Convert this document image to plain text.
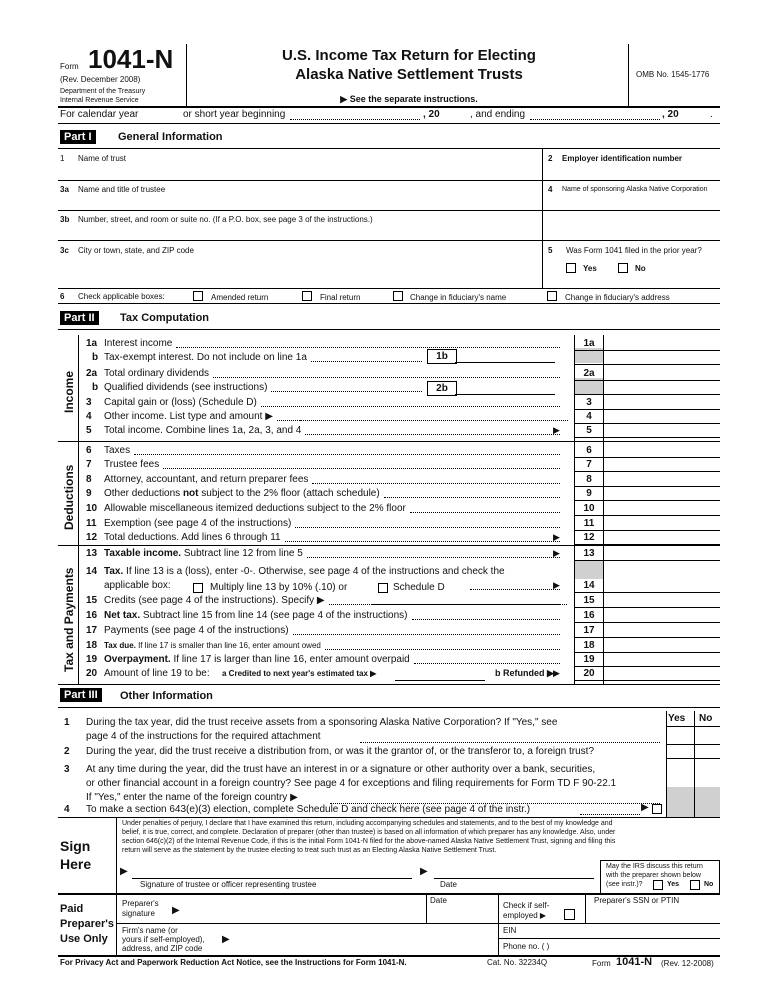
Form 1041-N
(Rev. December 2008)
Department of the Treasury
Internal Revenue Service
U.S. Income Tax Return for Electing
Alaska Native Settlement Trusts
▶ See the separate instructions.
OMB No. 1545-1776
For calendar year	or short year beginning	, 20	, and ending	, 20	.
Part I	General Information
1 Name of trust	2 Employer identification number
3a Name and title of trustee	4 Name of sponsoring Alaska Native Corporation
3b Number, street, and room or suite no. (If a P.O. box, see page 3 of the instructions.)
3c City or town, state, and ZIP code	5 Was Form 1041 filed in the prior year?
Yes	No
6 Check applicable boxes:	Amended return	Final return	Change in fiduciary's name	Change in fiduciary's address
Part II	Tax Computation
Income
Deductions
Tax and Payments
1a Interest income	1a
b Tax-exempt interest. Do not include on line 1a
2a Total ordinary dividends	2a
b Qualified dividends (see instructions)
3 Capital gain or (loss) (Schedule D)	3
4 Other income. List type and amount ▶	4
5 Total income. Combine lines 1a, 2a, 3, and 4	5
▶
6 Taxes	6
7 Trustee fees	7
8 Attorney, accountant, and return preparer fees	8
9 Other deductions not subject to the 2% floor (attach schedule)	9
10 Allowable miscellaneous itemized deductions subject to the 2% floor	10
11 Exemption (see page 4 of the instructions)	11
12 Total deductions. Add lines 6 through 11	12
▶
13 Taxable income. Subtract line 12 from line 5	13
▶
14 Tax. If line 13 is a (loss), enter -0-. Otherwise, see page 4 of the instructions and check the
applicable box:	14
▶
15 Credits (see page 4 of the instructions). Specify ▶	15
16 Net tax. Subtract line 15 from line 14 (see page 4 of the instructions)	16
17 Payments (see page 4 of the instructions)	17
18 Tax due. If line 17 is smaller than line 16, enter amount owed	18
19 Overpayment. If line 17 is larger than line 16, enter amount overpaid	19
20 Amount of line 19 to be:	20
▶
1b
2b
Multiply line 13 by 10% (.10) or	Schedule D
a Credited to next year's estimated tax ▶	b Refunded ▶
Part III	Other Information
Yes No
1 During the tax year, did the trust receive assets from a sponsoring Alaska Native Corporation? If "Yes," see
page 4 of the instructions for the required attachment
2 During the year, did the trust receive a distribution from, or was it the grantor of, or the transferor to, a foreign trust?
3 At any time during the year, did the trust have an interest in or a signature or other authority over a bank, securities,
or other financial account in a foreign country? See page 4 for exceptions and filing requirements for Form TD F 90-22.1
If "Yes," enter the name of the foreign country ▶
4 To make a section 643(e)(3) election, complete Schedule D and check here (see page 4 of the instr.)	▶
Sign
Here
Under penalties of perjury, I declare that I have examined this return, including accompanying schedules and statements, and to the best of my knowledge and
belief, it is true, correct, and complete. Declaration of preparer (other than trustee) is based on all information of which preparer has any knowledge. Also, under
section 646(c)(2) of the Internal Revenue Code, if this is the initial Form 1041-N filed for the above-named Alaska Native Settlement Trust, signing and filing this
return will serve as the statement by the trustee electing to treat such trust as an Electing Alaska Native Settlement Trust.
▶
Signature of trustee or officer representing trustee
▶
Date
May the IRS discuss this return
with the preparer shown below
(see instr.)?	Yes	No
Paid
Preparer's
Use Only
Preparer's
signature ▶
Date
Check if self-
employed ▶
Preparer's SSN or PTIN
Firm's name (or
yours if self-employed),
address, and ZIP code
▶
EIN
Phone no. ( )
For Privacy Act and Paperwork Reduction Act Notice, see the Instructions for Form 1041-N.	Cat. No. 32234Q	Form 1041-N (Rev. 12-2008)
